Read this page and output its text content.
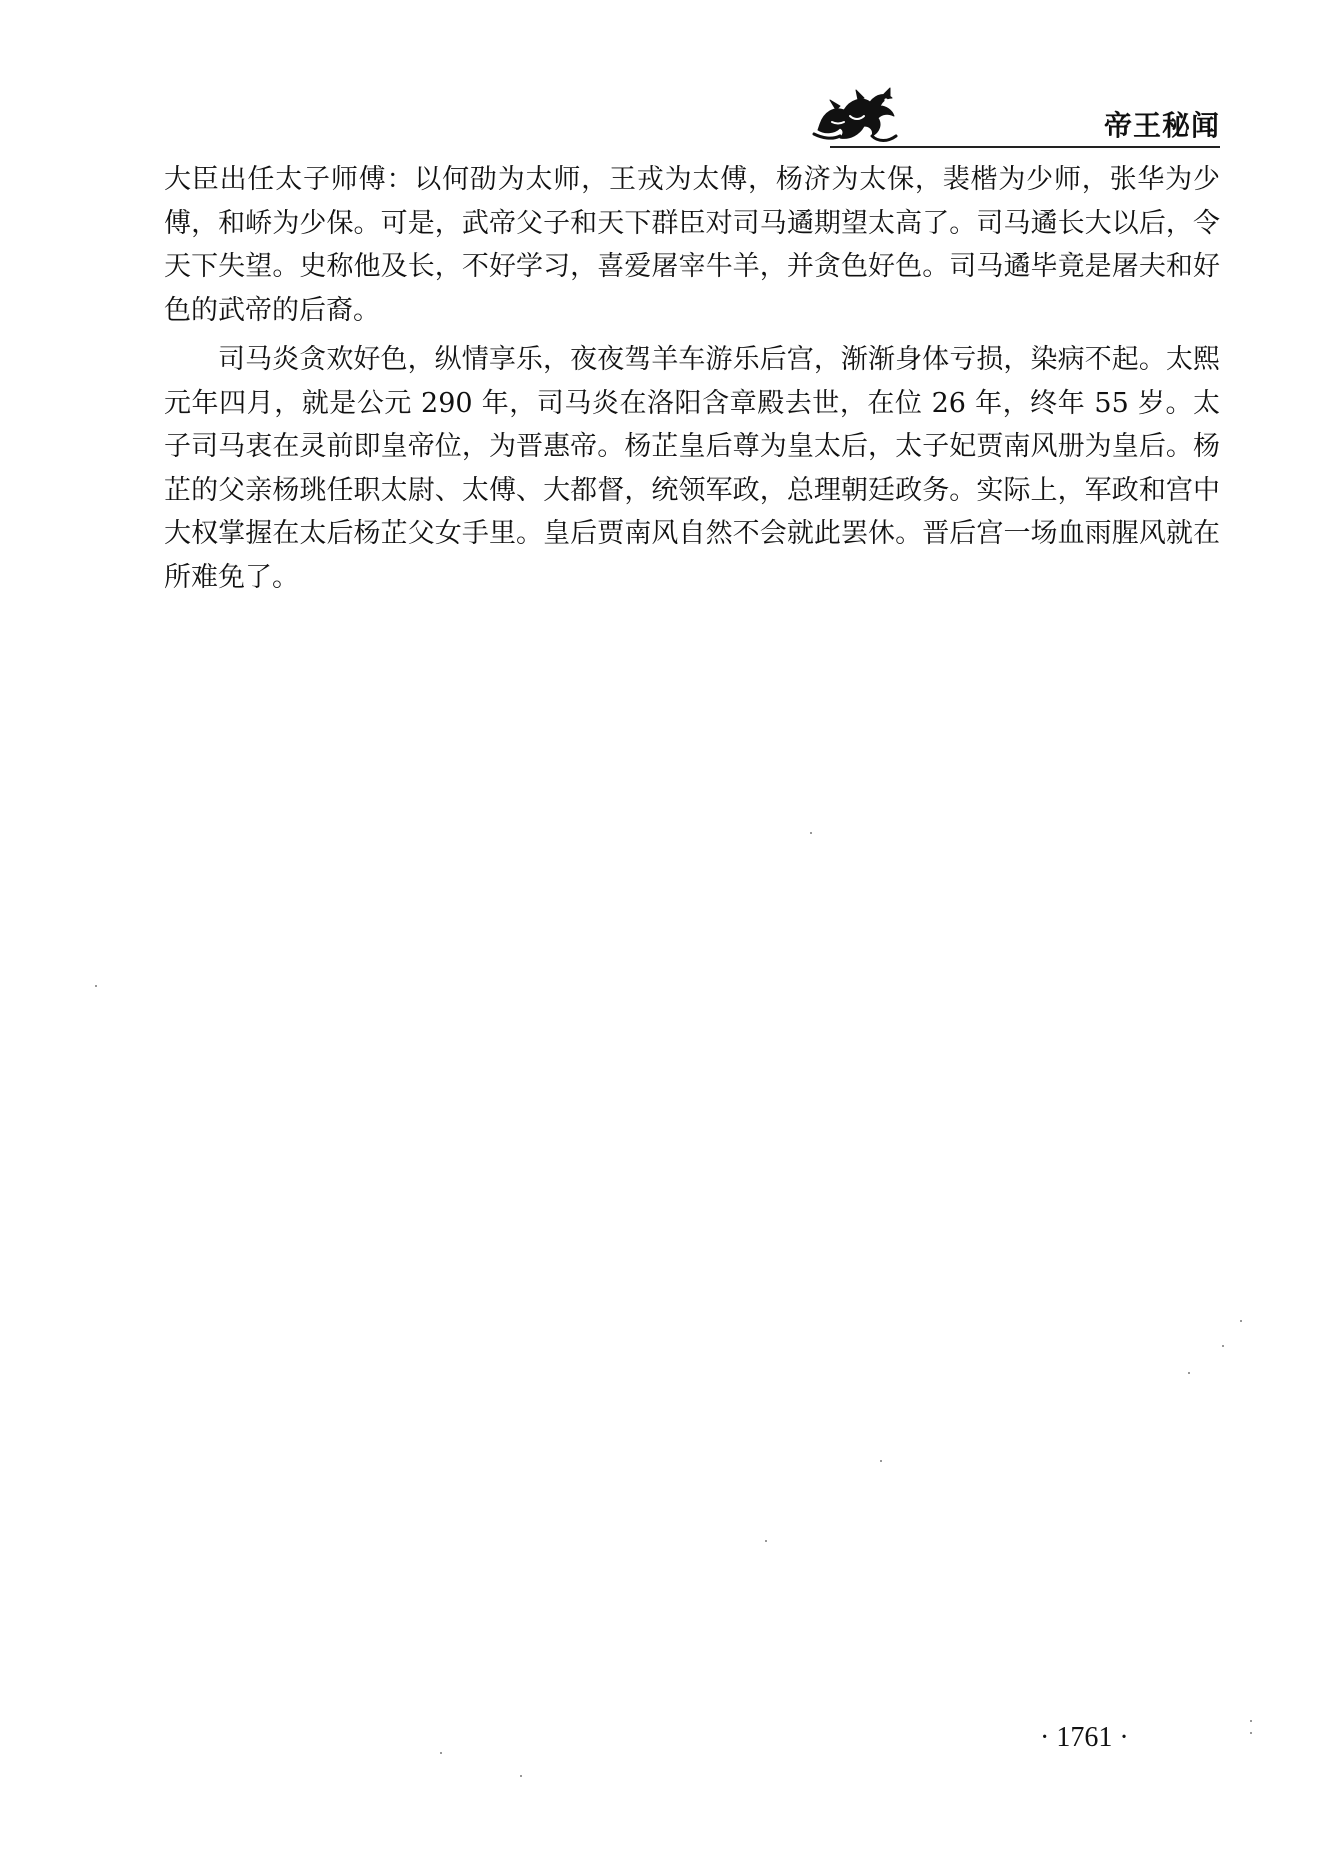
帝王秘闻

大臣出任太子师傅：以何劭为太师，王戎为太傅，杨济为太保，裴楷为少师，张华为少傅，和峤为少保。可是，武帝父子和天下群臣对司马遹期望太高了。司马遹长大以后，令天下失望。史称他及长，不好学习，喜爱屠宰牛羊，并贪色好色。司马遹毕竟是屠夫和好色的武帝的后裔。

司马炎贪欢好色，纵情享乐，夜夜驾羊车游乐后宫，渐渐身体亏损，染病不起。太熙元年四月，就是公元 290 年，司马炎在洛阳含章殿去世，在位 26 年，终年 55 岁。太子司马衷在灵前即皇帝位，为晋惠帝。杨芷皇后尊为皇太后，太子妃贾南风册为皇后。杨芷的父亲杨珧任职太尉、太傅、大都督，统领军政，总理朝廷政务。实际上，军政和宫中大权掌握在太后杨芷父女手里。皇后贾南风自然不会就此罢休。晋后宫一场血雨腥风就在所难免了。

· 1761 ·
